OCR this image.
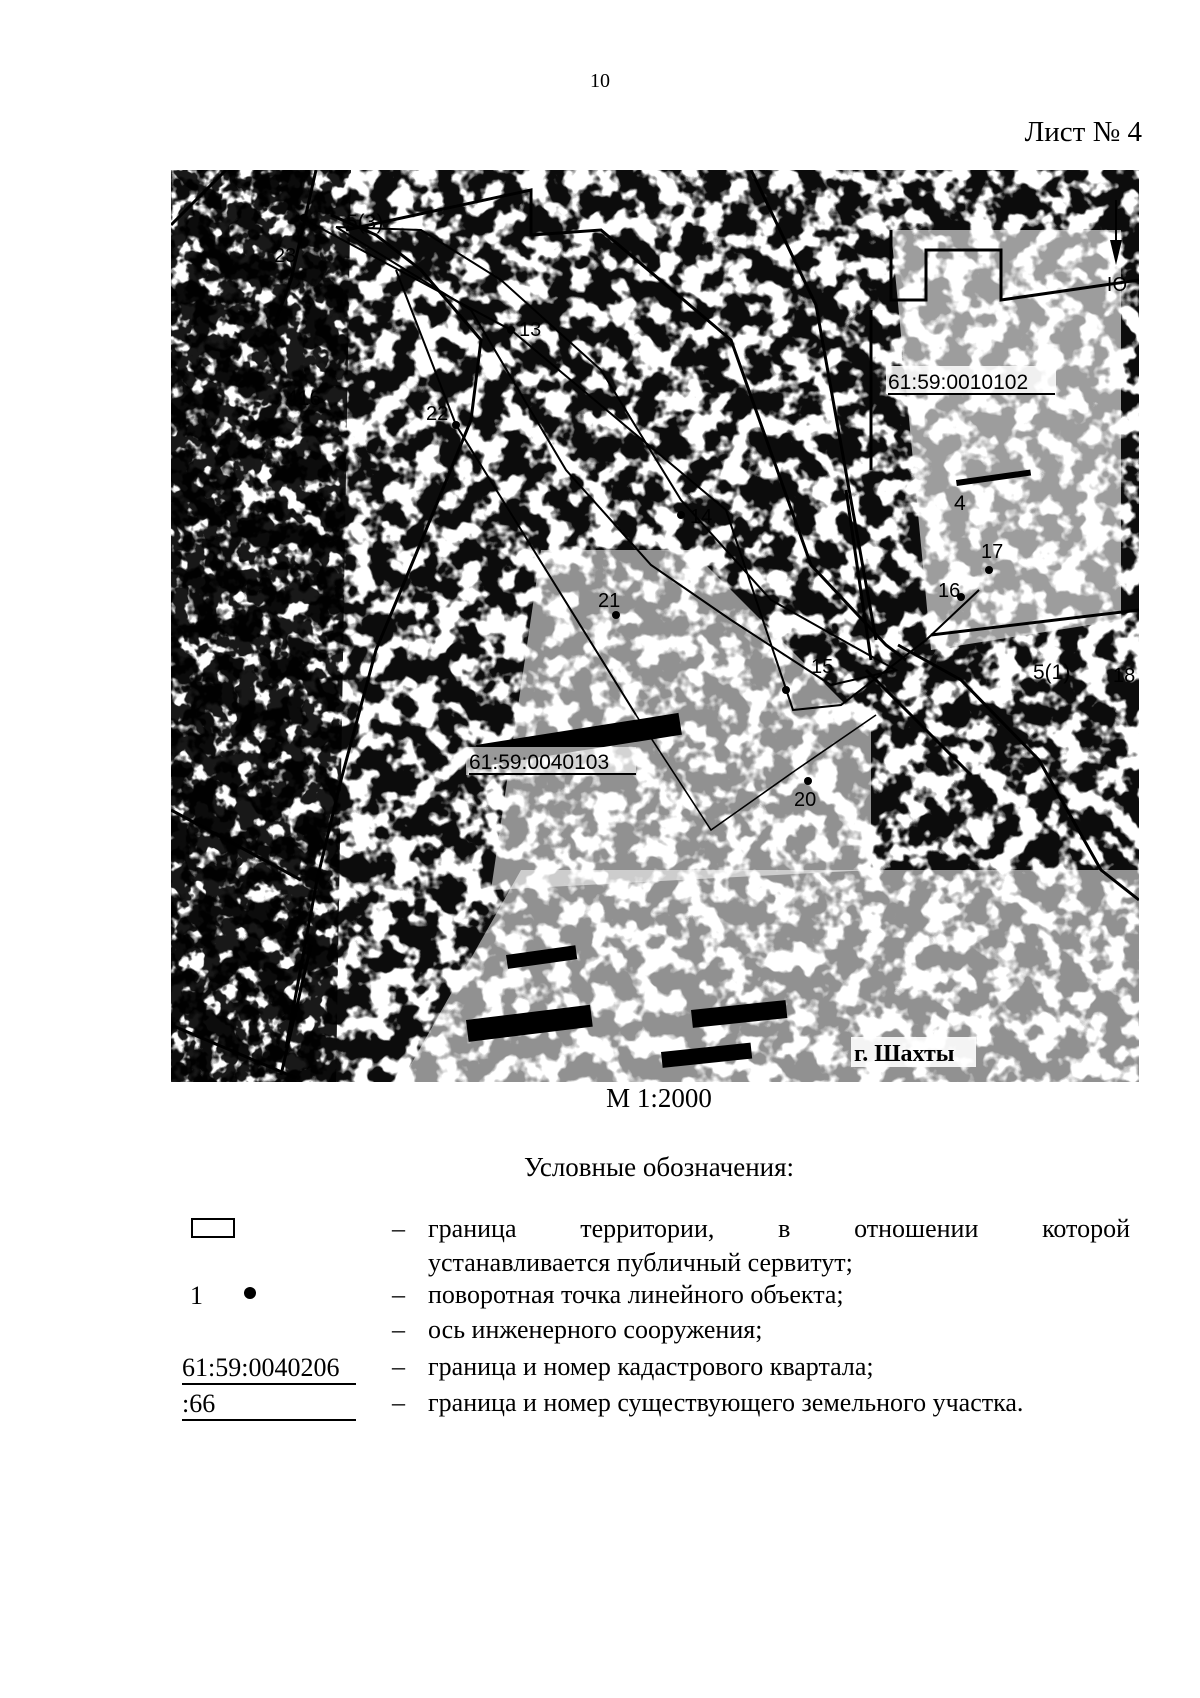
10
Лист № 4
23
13
22
14
21
15
20
16
17
18
5(3)
416
4
5(1)
61:59:0010102
61:59:0040103
Ю
г. Шахты
М 1:2000
Условные обозначения:
– граница территории, в отношении которой
устанавливается публичный сервитут;
1	– поворотная точка линейного объекта;
– ось инженерного сооружения;
61:59:0040206	– граница и номер кадастрового квартала;
:66	– граница и номер существующего земельного участка.
